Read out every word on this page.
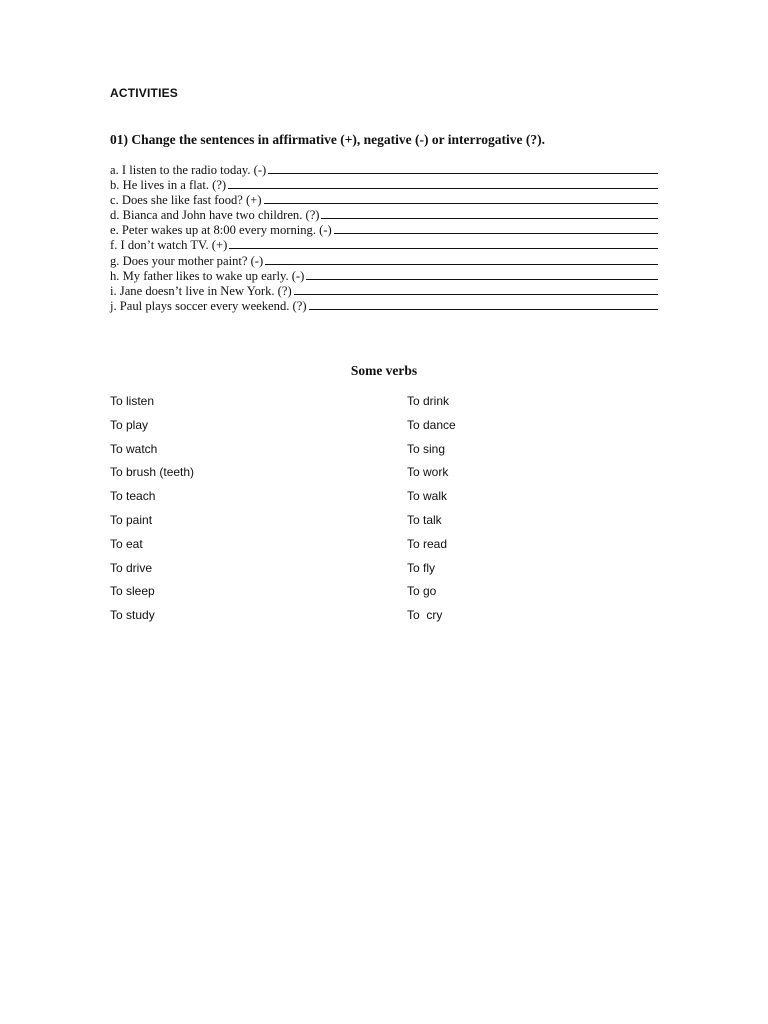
ACTIVITIES
01) Change the sentences in affirmative (+), negative (-) or interrogative (?).
a. I listen to the radio today. (-)
b. He lives in a flat. (?)
c. Does she like fast food? (+)
d. Bianca and John have two children. (?)
e. Peter wakes up at 8:00 every morning. (-)
f. I don’t watch TV. (+)
g. Does your mother paint? (-)
h. My father likes to wake up early. (-)
i. Jane doesn’t live in New York. (?)
j. Paul plays soccer every weekend. (?)
Some verbs
To listen
To play
To watch
To brush (teeth)
To teach
To paint
To eat
To drive
To sleep
To study
To drink
To dance
To sing
To work
To walk
To talk
To read
To fly
To go
To  cry
